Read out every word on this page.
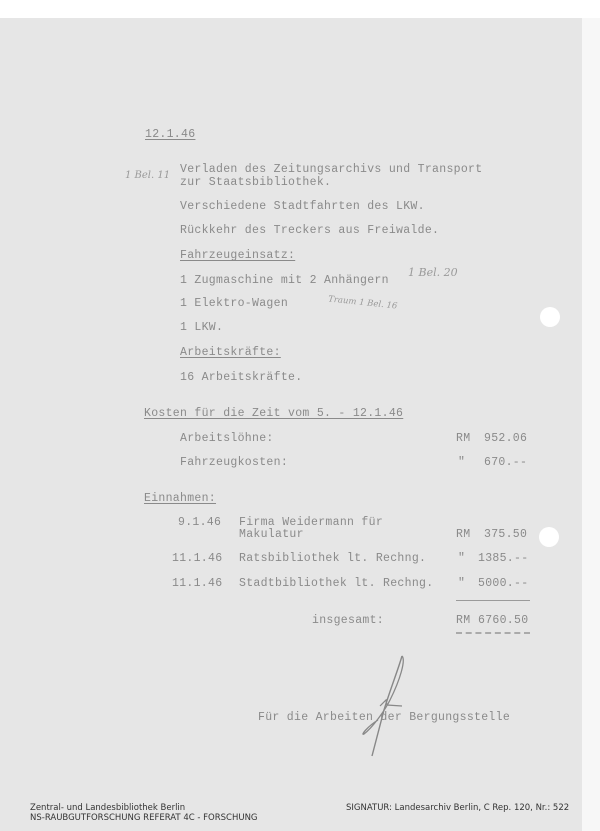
12.1.46
1 Bel. 11 Verladen des Zeitungsarchivs und Transport
zur Staatsbibliothek.
Verschiedene Stadtfahrten des LKW.
Rückkehr des Treckers aus Freiwalde.
Fahrzeugeinsatz:
1 Zugmaschine mit 2 Anhängern
1 Bel. 20
1 Elektro-Wagen	Traum 1 Bel. 16
1 LKW.
Arbeitskräfte:
16 Arbeitskräfte.
Kosten für die Zeit vom 5. - 12.1.46
Arbeitslöhne:	RM 952.06
Fahrzeugkosten:	" 670.--
Einnahmen:
9.1.46 Firma Weidermann für
Makulatur	RM 375.50
11.1.46 Ratsbibliothek lt. Rechng.	" 1385.--
11.1.46 Stadtbibliothek lt. Rechng. " 5000.--
insgesamt:	RM 6760.50
Für die Arbeiten der Bergungsstelle
Zentral- und Landesbibliothek Berlin
NS-RAUBGUTFORSCHUNG REFERAT 4C - FORSCHUNG
SIGNATUR: Landesarchiv Berlin, C Rep. 120, Nr.: 522
